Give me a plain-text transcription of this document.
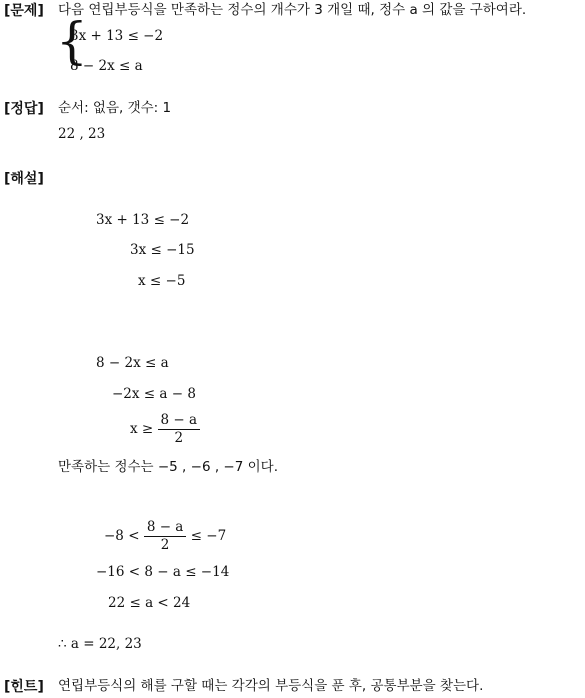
[문제] 다음 연립부등식을 만족하는 정수의 개수가 3 개일 때, 정수 a 의 값을 구하여라.
{
3x + 13 ≤ −2
8 − 2x ≤ a
[정답] 순서: 없음, 갯수: 1
22 , 23
[해설]
3x + 13 ≤ −2
3x ≤ −15
x ≤ −5
8 − 2x ≤ a
−2x ≤ a − 8
$x \ge \frac{8 - a}{2}$
만족하는 정수는 −5 , −6 , −7 이다.
$-8 < \frac{8 - a}{2} \le -7$
−16 < 8 − a ≤ −14
22 ≤ a < 24
∴ a = 22, 23
[힌트] 연립부등식의 해를 구할 때는 각각의 부등식을 푼 후, 공통부분을 찾는다.
